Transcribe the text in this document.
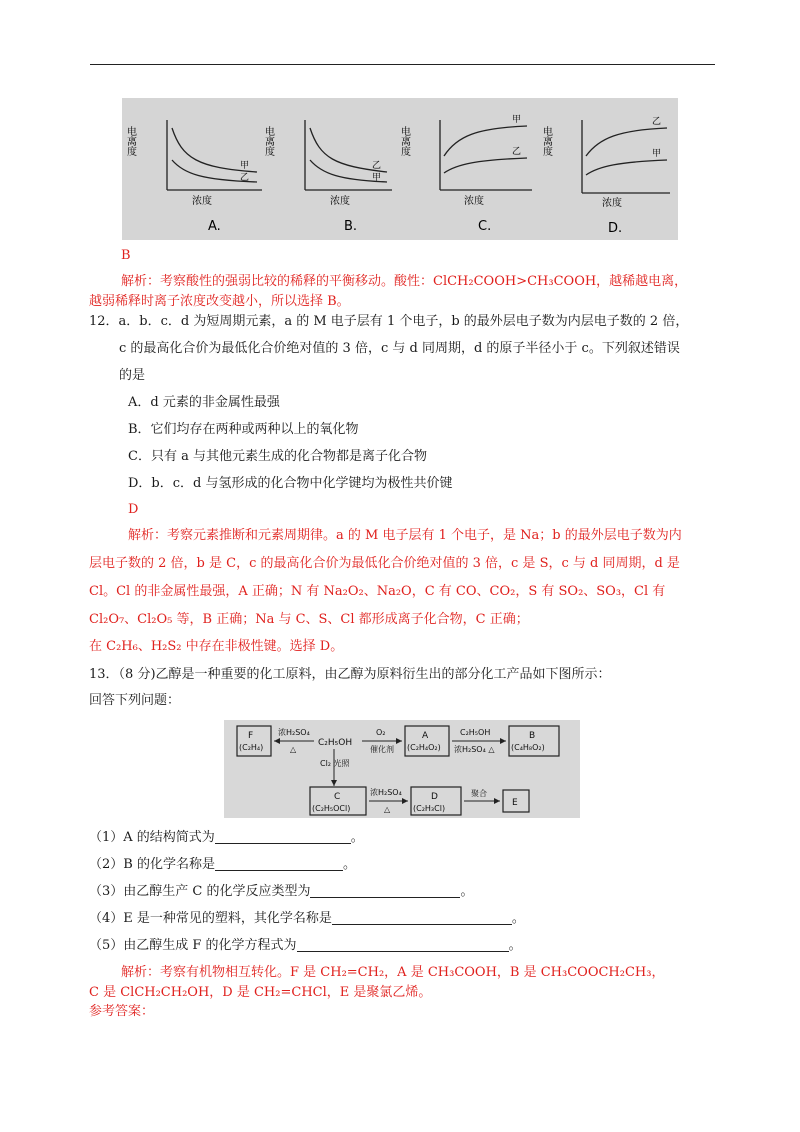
电离度
浓度
甲
乙
A.
电离度
浓度
乙
甲
B.
电离度
浓度
甲
乙
C.
电离度
浓度
乙
甲
D.
B
解析：考察酸性的强弱比较的稀释的平衡移动。酸性：ClCH₂COOH>CH₃COOH，越稀越电离，
越弱稀释时离子浓度改变越小，所以选择 B。
12．a．b．c．d 为短周期元素，a 的 M 电子层有 1 个电子，b 的最外层电子数为内层电子数的 2 倍，
c 的最高化合价为最低化合价绝对值的 3 倍，c 与 d 同周期，d 的原子半径小于 c。下列叙述错误
的是
A．d 元素的非金属性最强
B．它们均存在两种或两种以上的氧化物
C．只有 a 与其他元素生成的化合物都是离子化合物
D．b．c．d 与氢形成的化合物中化学键均为极性共价键
D
解析：考察元素推断和元素周期律。a 的 M 电子层有 1 个电子，是 Na；b 的最外层电子数为内
层电子数的 2 倍，b 是 C，c 的最高化合价为最低化合价绝对值的 3 倍，c 是 S，c 与 d 同周期，d 是
Cl。Cl 的非金属性最强，A 正确；N 有 Na₂O₂、Na₂O，C 有 CO、CO₂，S 有 SO₂、SO₃，Cl 有
Cl₂O₇、Cl₂O₅ 等，B 正确；Na 与 C、S、Cl 都形成离子化合物，C 正确；
在 C₂H₆、H₂S₂ 中存在非极性键。选择 D。
13．（8 分)乙醇是一种重要的化工原料，由乙醇为原料衍生出的部分化工产品如下图所示：
回答下列问题：
F
(C₂H₄)
浓H₂SO₄
△
C₂H₅OH
O₂
催化剂
A
(C₂H₄O₂)
C₂H₅OH
浓H₂SO₄ △
B
(C₄H₈O₂)
Cl₂ 光照
C
(C₂H₅OCl)
浓H₂SO₄
△
D
(C₂H₃Cl)
聚合
E
（1）A 的结构简式为	。
（2）B 的化学名称是	。
（3）由乙醇生产 C 的化学反应类型为	。
（4）E 是一种常见的塑料，其化学名称是	。
（5）由乙醇生成 F 的化学方程式为	。
解析：考察有机物相互转化。F 是 CH₂=CH₂，A 是 CH₃COOH，B 是 CH₃COOCH₂CH₃，
C 是 ClCH₂CH₂OH，D 是 CH₂=CHCl，E 是聚氯乙烯。
参考答案：
